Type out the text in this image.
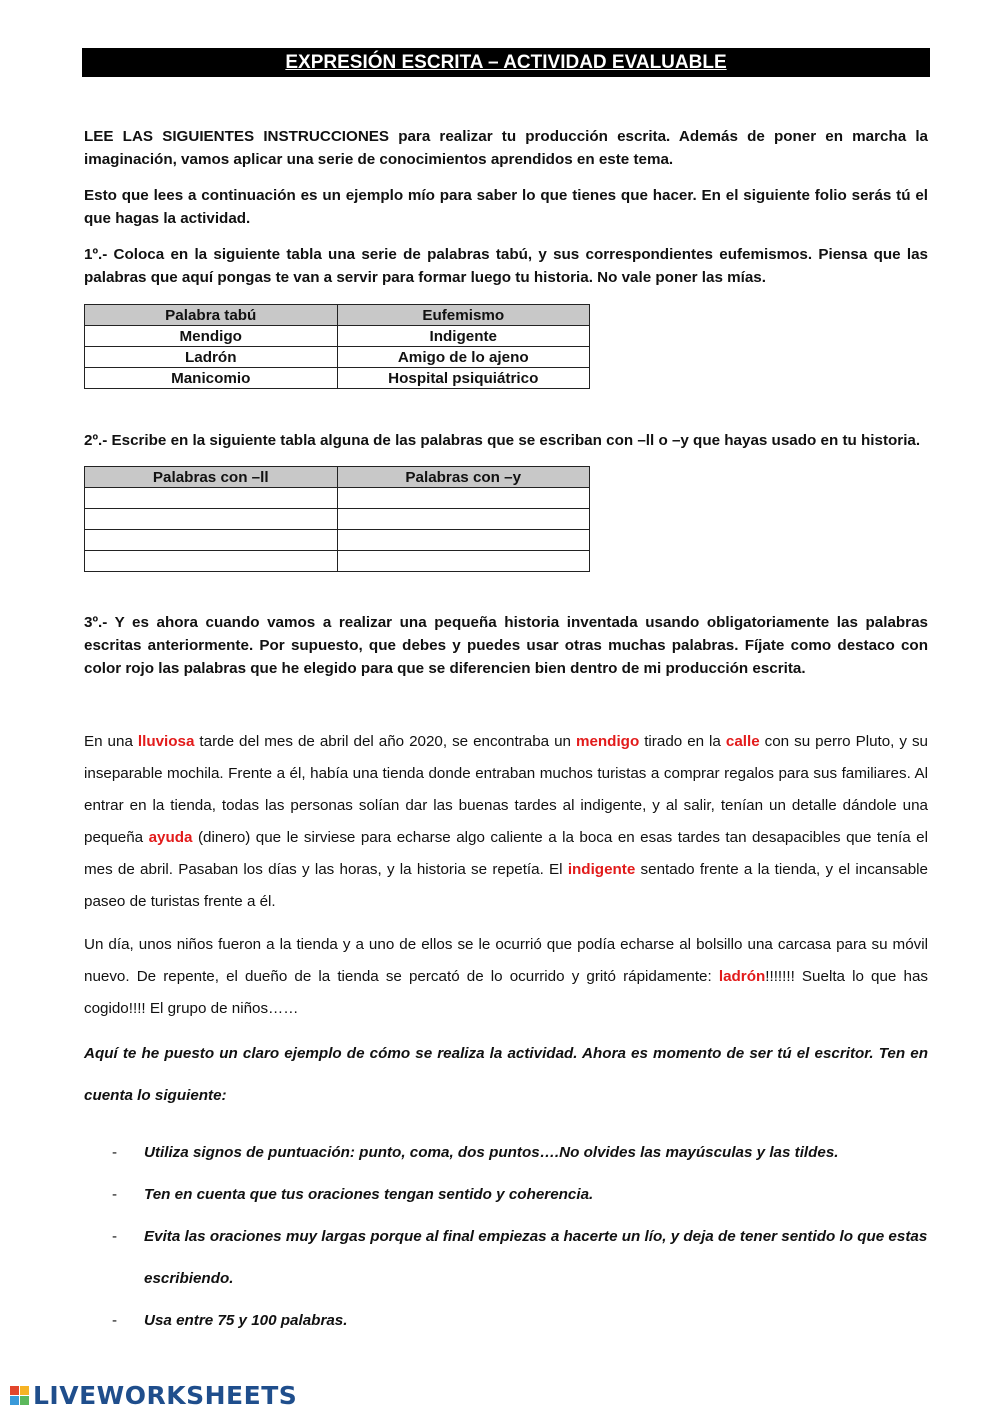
EXPRESIÓN ESCRITA – ACTIVIDAD EVALUABLE

LEE LAS SIGUIENTES INSTRUCCIONES para realizar tu producción escrita. Además de poner en marcha la imaginación, vamos aplicar una serie de conocimientos aprendidos en este tema.

Esto que lees a continuación es un ejemplo mío para saber lo que tienes que hacer. En el siguiente folio serás tú el que hagas la actividad.

1º.- Coloca en la siguiente tabla una serie de palabras tabú, y sus correspondientes eufemismos. Piensa que las palabras que aquí pongas te van a servir para formar luego tu historia. No vale poner las mías.

Palabra tabú	Eufemismo
Mendigo	Indigente
Ladrón	Amigo de lo ajeno
Manicomio	Hospital psiquiátrico

2º.- Escribe en la siguiente tabla alguna de las palabras que se escriban con –ll o –y que hayas usado en tu historia.

Palabras con –ll	Palabras con –y

3º.- Y es ahora cuando vamos a realizar una pequeña historia inventada usando obligatoriamente las palabras escritas anteriormente. Por supuesto, que debes y puedes usar otras muchas palabras. Fíjate como destaco con color rojo las palabras que he elegido para que se diferencien bien dentro de mi producción escrita.

En una lluviosa tarde del mes de abril del año 2020, se encontraba un mendigo tirado en la calle con su perro Pluto, y su inseparable mochila. Frente a él, había una tienda donde entraban muchos turistas a comprar regalos para sus familiares. Al entrar en la tienda, todas las personas solían dar las buenas tardes al indigente, y al salir, tenían un detalle dándole una pequeña ayuda (dinero) que le sirviese para echarse algo caliente a la boca en esas tardes tan desapacibles que tenía el mes de abril. Pasaban los días y las horas, y la historia se repetía. El indigente sentado frente a la tienda, y el incansable paseo de turistas frente a él.

Un día, unos niños fueron a la tienda y a uno de ellos se le ocurrió que podía echarse al bolsillo una carcasa para su móvil nuevo. De repente, el dueño de la tienda se percató de lo ocurrido y gritó rápidamente: ladrón!!!!!!! Suelta lo que has cogido!!!! El grupo de niños……

Aquí te he puesto un claro ejemplo de cómo se realiza la actividad. Ahora es momento de ser tú el escritor. Ten en cuenta lo siguiente:

- Utiliza signos de puntuación: punto, coma, dos puntos….No olvides las mayúsculas y las tildes.
- Ten en cuenta que tus oraciones tengan sentido y coherencia.
- Evita las oraciones muy largas porque al final empiezas a hacerte un lío, y deja de tener sentido lo que estas escribiendo.
- Usa entre 75 y 100 palabras.
LIVEWORKSHEETS
